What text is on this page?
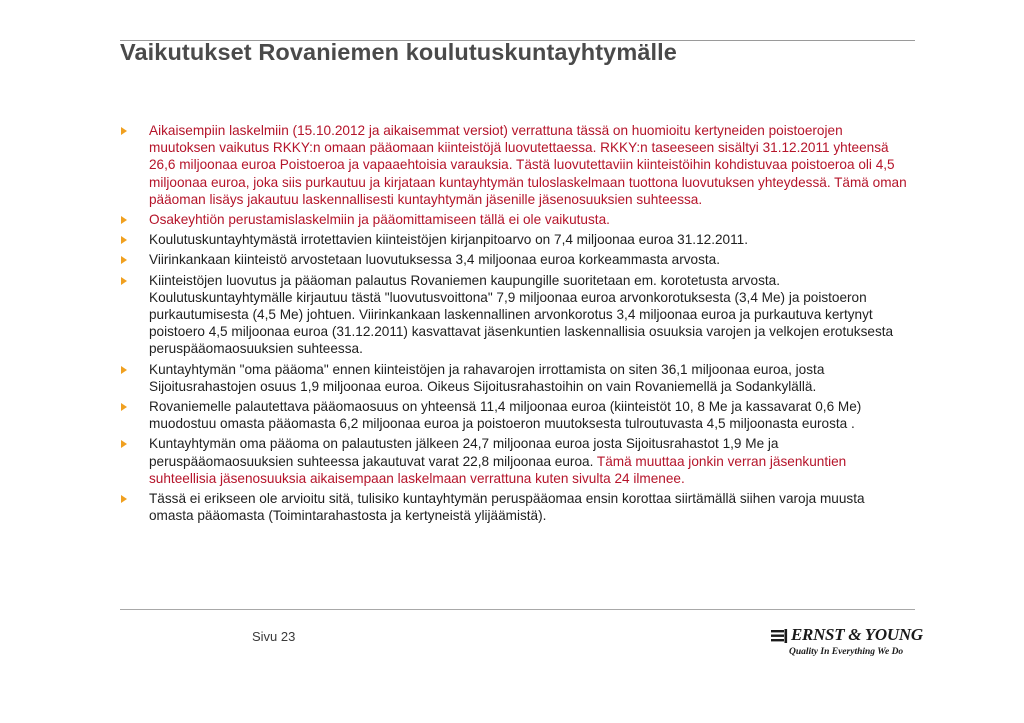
Vaikutukset Rovaniemen koulutuskuntayhtymälle
Aikaisempiin laskelmiin (15.10.2012 ja aikaisemmat versiot) verrattuna tässä on huomioitu kertyneiden poistoerojen muutoksen vaikutus RKKY:n omaan pääomaan kiinteistöjä luovutettaessa. RKKY:n taseeseen sisältyi 31.12.2011 yhteensä 26,6 miljoonaa euroa Poistoeroa ja vapaaehtoisia varauksia. Tästä luovutettaviin kiinteistöihin kohdistuvaa poistoeroa oli 4,5 miljoonaa euroa, joka siis purkautuu ja kirjataan kuntayhtymän tuloslaskelmaan tuottona luovutuksen yhteydessä. Tämä oman pääoman lisäys jakautuu laskennallisesti kuntayhtymän jäsenille jäsenosuuksien suhteessa.
Osakeyhtiön perustamislaskelmiin ja pääomittamiseen tällä ei ole vaikutusta.
Koulutuskuntayhtymästä irrotettavien kiinteistöjen kirjanpitoarvo on 7,4 miljoonaa euroa 31.12.2011.
Viirinkankaan kiinteistö arvostetaan luovutuksessa 3,4 miljoonaa euroa korkeammasta arvosta.
Kiinteistöjen luovutus ja pääoman palautus Rovaniemen kaupungille suoritetaan em. korotetusta arvosta. Koulutuskuntayhtymälle kirjautuu tästä "luovutusvoittona" 7,9 miljoonaa euroa arvonkorotuksesta (3,4 Me) ja poistoeron purkautumisesta (4,5 Me) johtuen. Viirinkankaan laskennallinen arvonkorotus 3,4 miljoonaa euroa ja purkautuva kertynyt poistoero 4,5 miljoonaa euroa (31.12.2011) kasvattavat jäsenkuntien laskennallisia osuuksia varojen ja velkojen erotuksesta peruspääomaosuuksien suhteessa.
Kuntayhtymän "oma pääoma" ennen kiinteistöjen ja rahavarojen irrottamista on siten 36,1 miljoonaa euroa, josta Sijoitusrahastojen osuus 1,9 miljoonaa euroa. Oikeus Sijoitusrahastoihin on vain Rovaniemellä ja Sodankylällä.
Rovaniemelle palautettava pääomaosuus on yhteensä 11,4 miljoonaa euroa (kiinteistöt 10, 8 Me ja kassavarat 0,6 Me) muodostuu omasta pääomasta 6,2 miljoonaa euroa ja poistoeron muutoksesta tulroutuvasta 4,5 miljoonasta eurosta .
Kuntayhtymän oma pääoma on palautusten jälkeen 24,7 miljoonaa euroa josta Sijoitusrahastot 1,9 Me ja peruspääomaosuuksien suhteessa jakautuvat varat 22,8 miljoonaa euroa. Tämä muuttaa jonkin verran jäsenkuntien suhteellisia jäsenosuuksia aikaisempaan laskelmaan verrattuna kuten sivulta 24 ilmenee.
Tässä ei erikseen ole arvioitu sitä, tulisiko kuntayhtymän peruspääomaa ensin korottaa siirtämällä siihen varoja muusta omasta pääomasta (Toimintarahastosta ja kertyneistä ylijäämistä).
Sivu 23	ERNST & YOUNG
Quality In Everything We Do
